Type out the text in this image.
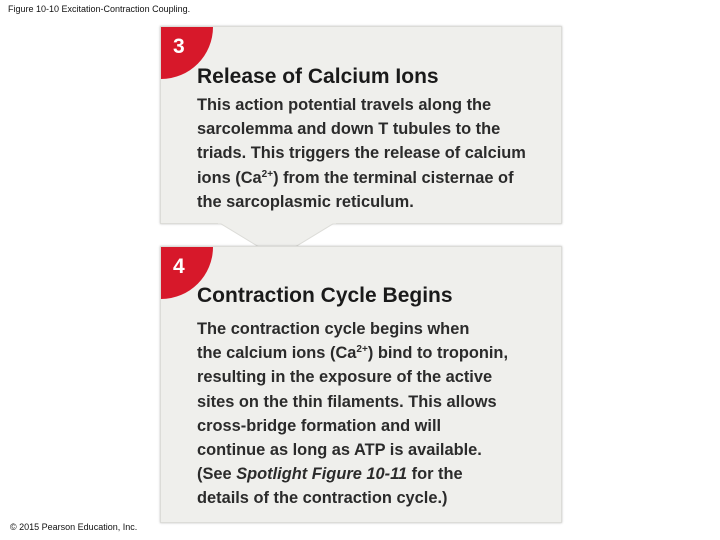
Figure 10-10 Excitation-Contraction Coupling.
3
Release of Calcium Ions
This action potential travels along the
sarcolemma and down T tubules to the
triads. This triggers the release of calcium
ions $(Ca^{2+})$ from the terminal cisternae of
the sarcoplasmic reticulum.
4
Contraction Cycle Begins
The contraction cycle begins when
the calcium ions $(Ca^{2+})$ bind to troponin,
resulting in the exposure of the active
sites on the thin filaments. This allows
cross-bridge formation and will
continue as long as ATP is available.
(See Spotlight Figure 10-11 for the
details of the contraction cycle.)
© 2015 Pearson Education, Inc.
